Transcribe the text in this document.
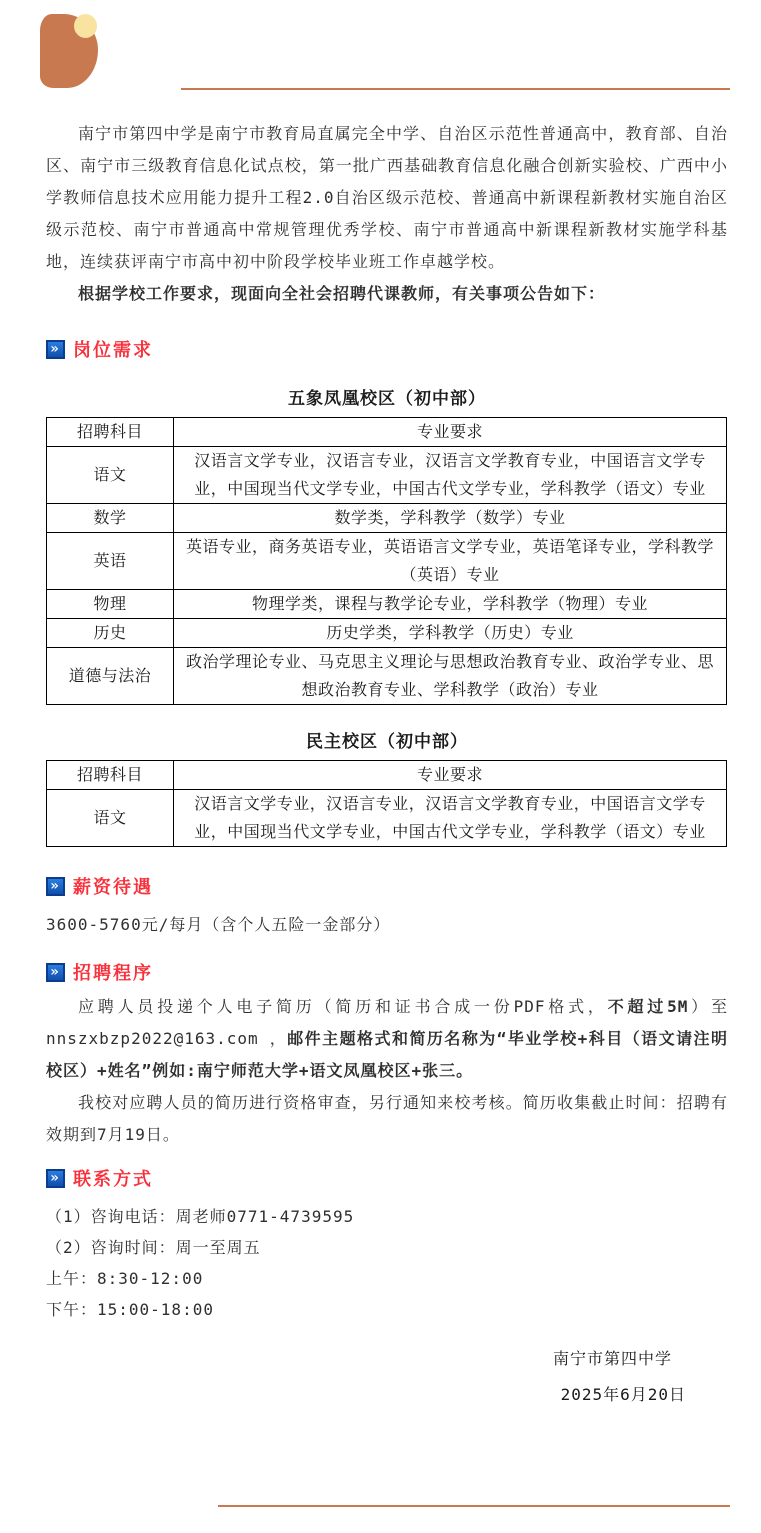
南宁市第四中学是南宁市教育局直属完全中学、自治区示范性普通高中，教育部、自治区、南宁市三级教育信息化试点校，第一批广西基础教育信息化融合创新实验校、广西中小学教师信息技术应用能力提升工程2.0自治区级示范校、普通高中新课程新教材实施自治区级示范校、南宁市普通高中常规管理优秀学校、南宁市普通高中新课程新教材实施学科基地，连续获评南宁市高中初中阶段学校毕业班工作卓越学校。

根据学校工作要求，现面向全社会招聘代课教师，有关事项公告如下：

» 岗位需求
五象凤凰校区（初中部）
招聘科目	专业要求
语文	汉语言文学专业，汉语言专业，汉语言文学教育专业，中国语言文学专业，中国现当代文学专业，中国古代文学专业，学科教学（语文）专业
数学	数学类，学科教学（数学）专业
英语	英语专业，商务英语专业，英语语言文学专业，英语笔译专业，学科教学（英语）专业
物理	物理学类，课程与教学论专业，学科教学（物理）专业
历史	历史学类，学科教学（历史）专业
道德与法治	政治学理论专业、马克思主义理论与思想政治教育专业、政治学专业、思想政治教育专业、学科教学（政治）专业
民主校区（初中部）
招聘科目	专业要求
语文	汉语言文学专业，汉语言专业，汉语言文学教育专业，中国语言文学专业，中国现当代文学专业，中国古代文学专业，学科教学（语文）专业
» 薪资待遇

3600-5760元/每月（含个人五险一金部分）

» 招聘程序

应聘人员投递个人电子简历（简历和证书合成一份PDF格式，不超过5M）至nnszxbzp2022@163.com ，邮件主题格式和简历名称为“毕业学校+科目（语文请注明校区）+姓名”例如:南宁师范大学+语文凤凰校区+张三。

我校对应聘人员的简历进行资格审查，另行通知来校考核。简历收集截止时间：招聘有效期到7月19日。

» 联系方式

（1）咨询电话：周老师0771-4739595

（2）咨询时间：周一至周五

上午：8:30-12:00

下午：15:00-18:00

南宁市第四中学

2025年6月20日
